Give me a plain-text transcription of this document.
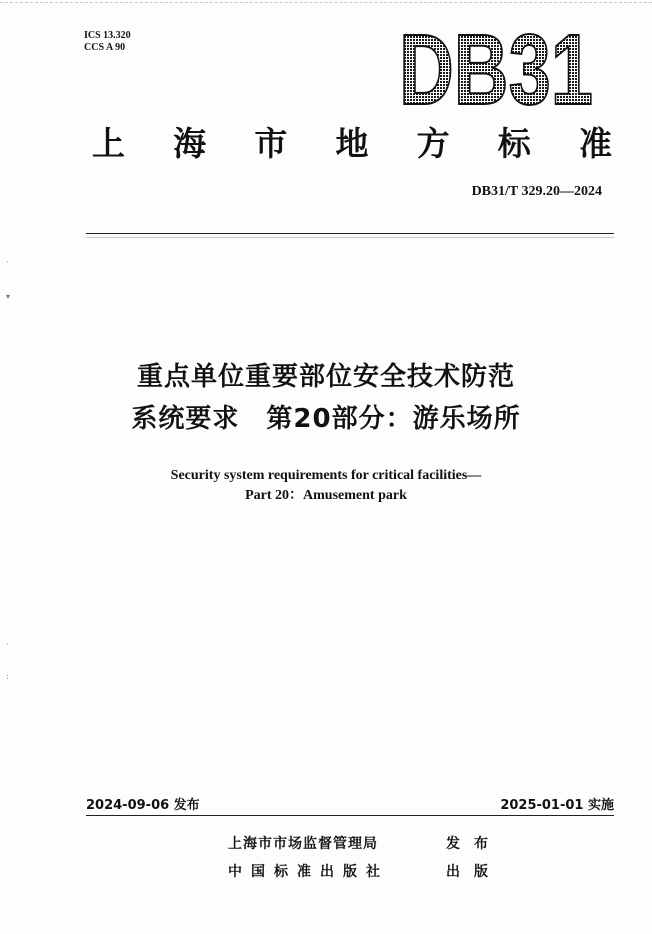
ICS 13.320
CCS A 90	DB31
上 海 市 地 方 标 准
DB31/T 329.20—2024
·
▾
·
:
重点单位重要部位安全技术防范
系统要求　第20部分：游乐场所
Security system requirements for critical facilities—
Part 20：Amusement park
2024-09-06 发布	2025-01-01 实施
上海市市场监督管理局	发布
中国标准出版社	出版
